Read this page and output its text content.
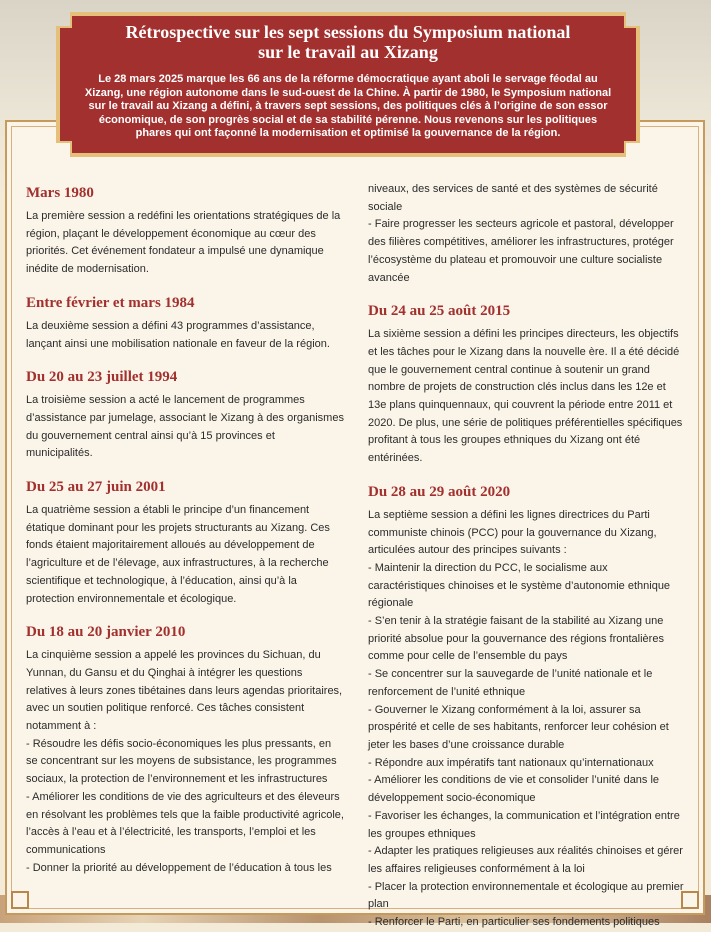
Rétrospective sur les sept sessions du Symposium national
sur le travail au Xizang
Le 28 mars 2025 marque les 66 ans de la réforme démocratique ayant aboli le servage féodal au Xizang, une région autonome dans le sud-ouest de la Chine. À partir de 1980, le Symposium national sur le travail au Xizang a défini, à travers sept sessions, des politiques clés à l’origine de son essor économique, de son progrès social et de sa stabilité pérenne. Nous revenons sur les politiques phares qui ont façonné la modernisation et optimisé la gouvernance de la région.
Mars 1980

La première session a redéfini les orientations stratégiques de la région, plaçant le développement économique au cœur des priorités. Cet événement fondateur a impulsé une dynamique inédite de modernisation.

Entre février et mars 1984

La deuxième session a défini 43 programmes d’assistance, lançant ainsi une mobilisation nationale en faveur de la région.

Du 20 au 23 juillet 1994

La troisième session a acté le lancement de programmes d’assistance par jumelage, associant le Xizang à des organismes du gouvernement central ainsi qu’à 15 provinces et municipalités.

Du 25 au 27 juin 2001

La quatrième session a établi le principe d’un financement étatique dominant pour les projets structurants au Xizang. Ces fonds étaient majoritairement alloués au développement de l’agriculture et de l’élevage, aux infrastructures, à la recherche scientifique et technologique, à l’éducation, ainsi qu’à la protection environnementale et écologique.

Du 18 au 20 janvier 2010

La cinquième session a appelé les provinces du Sichuan, du Yunnan, du Gansu et du Qinghai à intégrer les questions relatives à leurs zones tibétaines dans leurs agendas prioritaires, avec un soutien politique renforcé. Ces tâches consistent notamment à :
- Résoudre les défis socio-économiques les plus pressants, en se concentrant sur les moyens de subsistance, les programmes sociaux, la protection de l’environnement et les infrastructures
- Améliorer les conditions de vie des agriculteurs et des éleveurs en résolvant les problèmes tels que la faible productivité agricole, l’accès à l’eau et à l’électricité, les transports, l’emploi et les communications
- Donner la priorité au développement de l’éducation à tous les

niveaux, des services de santé et des systèmes de sécurité sociale
- Faire progresser les secteurs agricole et pastoral, développer des filières compétitives, améliorer les infrastructures, protéger l’écosystème du plateau et promouvoir une culture socialiste avancée

Du 24 au 25 août 2015

La sixième session a défini les principes directeurs, les objectifs et les tâches pour le Xizang dans la nouvelle ère. Il a été décidé que le gouvernement central continue à soutenir un grand nombre de projets de construction clés inclus dans les 12e et 13e plans quinquennaux, qui couvrent la période entre 2011 et 2020. De plus, une série de politiques préférentielles spécifiques profitant à tous les groupes ethniques du Xizang ont été entérinées.

Du 28 au 29 août 2020

La septième session a défini les lignes directrices du Parti communiste chinois (PCC) pour la gouvernance du Xizang, articulées autour des principes suivants :
- Maintenir la direction du PCC, le socialisme aux caractéristiques chinoises et le système d’autonomie ethnique régionale
- S’en tenir à la stratégie faisant de la stabilité au Xizang une priorité absolue pour la gouvernance des régions frontalières comme pour celle de l’ensemble du pays
- Se concentrer sur la sauvegarde de l’unité nationale et le renforcement de l’unité ethnique
- Gouverner le Xizang conformément à la loi, assurer sa prospérité et celle de ses habitants, renforcer leur cohésion et jeter les bases d’une croissance durable
- Répondre aux impératifs tant nationaux qu’internationaux
- Améliorer les conditions de vie et consolider l’unité dans le développement socio-économique
- Favoriser les échanges, la communication et l’intégration entre les groupes ethniques
- Adapter les pratiques religieuses aux réalités chinoises et gérer les affaires religieuses conformément à la loi
- Placer la protection environnementale et écologique au premier plan
- Renforcer le Parti, en particulier ses fondements politiques
